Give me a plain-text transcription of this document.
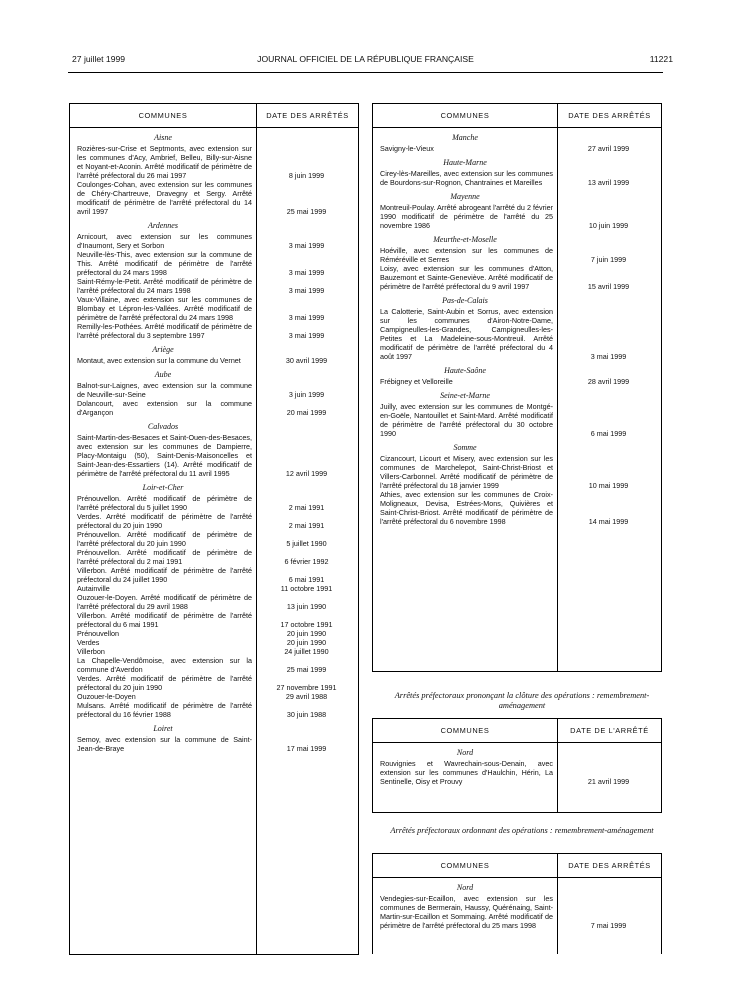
27 juillet 1999	JOURNAL OFFICIEL DE LA RÉPUBLIQUE FRANÇAISE	11221
COMMUNES	DATE DES ARRÊTÉS
Aisne
Rozières-sur-Crise et Septmonts, avec extension sur les communes d'Acy, Ambrief, Belleu, Billy-sur-Aisne et Noyant-et-Aconin. Arrêté modificatif de périmètre de l'arrêté préfectoral du 26 mai 1997	8 juin 1999
Coulonges-Cohan, avec extension sur les communes de Chéry-Chartreuve, Dravegny et Sergy. Arrêté modificatif de périmètre de l'arrêté préfectoral du 14 avril 1997	25 mai 1999
Ardennes
Arnicourt, avec extension sur les communes d'Inaumont, Sery et Sorbon	3 mai 1999
Neuville-lès-This, avec extension sur la commune de This. Arrêté modificatif de périmètre de l'arrêté préfectoral du 24 mars 1998	3 mai 1999
Saint-Rémy-le-Petit. Arrêté modificatif de périmètre de l'arrêté préfectoral du 24 mars 1998	3 mai 1999
Vaux-Villaine, avec extension sur les communes de Blombay et Lépron-les-Vallées. Arrêté modificatif de périmètre de l'arrêté préfectoral du 24 mars 1998	3 mai 1999
Remilly-les-Pothées. Arrêté modificatif de périmètre de l'arrêté préfectoral du 3 septembre 1997	3 mai 1999
Ariège
Montaut, avec extension sur la commune du Vernet	30 avril 1999
Aube
Balnot-sur-Laignes, avec extension sur la commune de Neuville-sur-Seine	3 juin 1999
Dolancourt, avec extension sur la commune d'Argançon	20 mai 1999
Calvados
Saint-Martin-des-Besaces et Saint-Ouen-des-Besaces, avec extension sur les communes de Dampierre, Placy-Montaigu (50), Saint-Denis-Maisoncelles et Saint-Jean-des-Essartiers (14). Arrêté modificatif de périmètre de l'arrêté préfectoral du 11 avril 1995	12 avril 1999
Loir-et-Cher
Prénouvellon. Arrêté modificatif de périmètre de l'arrêté préfectoral du 5 juillet 1990	2 mai 1991
Verdes. Arrêté modificatif de périmètre de l'arrêté préfectoral du 20 juin 1990	2 mai 1991
Prénouvellon. Arrêté modificatif de périmètre de l'arrêté préfectoral du 20 juin 1990	5 juillet 1990
Prénouvellon. Arrêté modificatif de périmètre de l'arrêté préfectoral du 2 mai 1991	6 février 1992
Villerbon. Arrêté modificatif de périmètre de l'arrêté préfectoral du 24 juillet 1990	6 mai 1991
Autainville	11 octobre 1991
Ouzouer-le-Doyen. Arrêté modificatif de périmètre de l'arrêté préfectoral du 29 avril 1988	13 juin 1990
Villerbon. Arrêté modificatif de périmètre de l'arrêté préfectoral du 6 mai 1991	17 octobre 1991
Prénouvellon	20 juin 1990
Verdes	20 juin 1990
Villerbon	24 juillet 1990
La Chapelle-Vendômoise, avec extension sur la commune d'Averdon	25 mai 1999
Verdes. Arrêté modificatif de périmètre de l'arrêté préfectoral du 20 juin 1990	27 novembre 1991
Ouzouer-le-Doyen	29 avril 1988
Mulsans. Arrêté modificatif de périmètre de l'arrêté préfectoral du 16 février 1988	30 juin 1988
Loiret
Semoy, avec extension sur la commune de Saint-Jean-de-Braye	17 mai 1999
COMMUNES	DATE DES ARRÊTÉS
Manche
Savigny-le-Vieux	27 avril 1999
Haute-Marne
Cirey-lès-Mareilles, avec extension sur les communes de Bourdons-sur-Rognon, Chantraines et Mareilles	13 avril 1999
Mayenne
Montreuil-Poulay. Arrêté abrogeant l'arrêté du 2 février 1990 modificatif de périmètre de l'arrêté du 25 novembre 1986	10 juin 1999
Meurthe-et-Moselle
Hoéville, avec extension sur les communes de Réméréville et Serres	7 juin 1999
Loisy, avec extension sur les communes d'Atton, Bauzemont et Sainte-Geneviève. Arrêté modificatif de périmètre de l'arrêté préfectoral du 9 avril 1997	15 avril 1999
Pas-de-Calais
La Calotterie, Saint-Aubin et Sorrus, avec extension sur les communes d'Airon-Notre-Dame, Campigneulles-les-Grandes, Campigneulles-les-Petites et La Madeleine-sous-Montreuil. Arrêté modificatif de périmètre de l'arrêté préfectoral du 4 août 1997	3 mai 1999
Haute-Saône
Frébigney et Velloreille	28 avril 1999
Seine-et-Marne
Juilly, avec extension sur les communes de Montgé-en-Goële, Nantouillet et Saint-Mard. Arrêté modificatif de périmètre de l'arrêté préfectoral du 30 octobre 1990	6 mai 1999
Somme
Cizancourt, Licourt et Misery, avec extension sur les communes de Marchelepot, Saint-Christ-Briost et Villers-Carbonnel. Arrêté modificatif de périmètre de l'arrêté préfectoral du 18 janvier 1999	10 mai 1999
Athies, avec extension sur les communes de Croix-Moligneaux, Devisa, Estrées-Mons, Quivières et Saint-Christ-Briost. Arrêté modificatif de périmètre de l'arrêté préfectoral du 6 novembre 1998	14 mai 1999
Arrêtés préfectoraux prononçant la clôture des opérations : remembrement-aménagement
COMMUNES	DATE DE L'ARRÊTÉ
Nord
Rouvignies et Wavrechain-sous-Denain, avec extension sur les communes d'Haulchin, Hérin, La Sentinelle, Oisy et Prouvy	21 avril 1999
Arrêtés préfectoraux ordonnant des opérations : remembrement-aménagement
COMMUNES	DATE DES ARRÊTÉS
Nord
Vendegies-sur-Ecaillon, avec extension sur les communes de Bermerain, Haussy, Quérénaing, Saint-Martin-sur-Ecaillon et Sommaing. Arrêté modificatif de périmètre de l'arrêté préfectoral du 25 mars 1998	7 mai 1999
